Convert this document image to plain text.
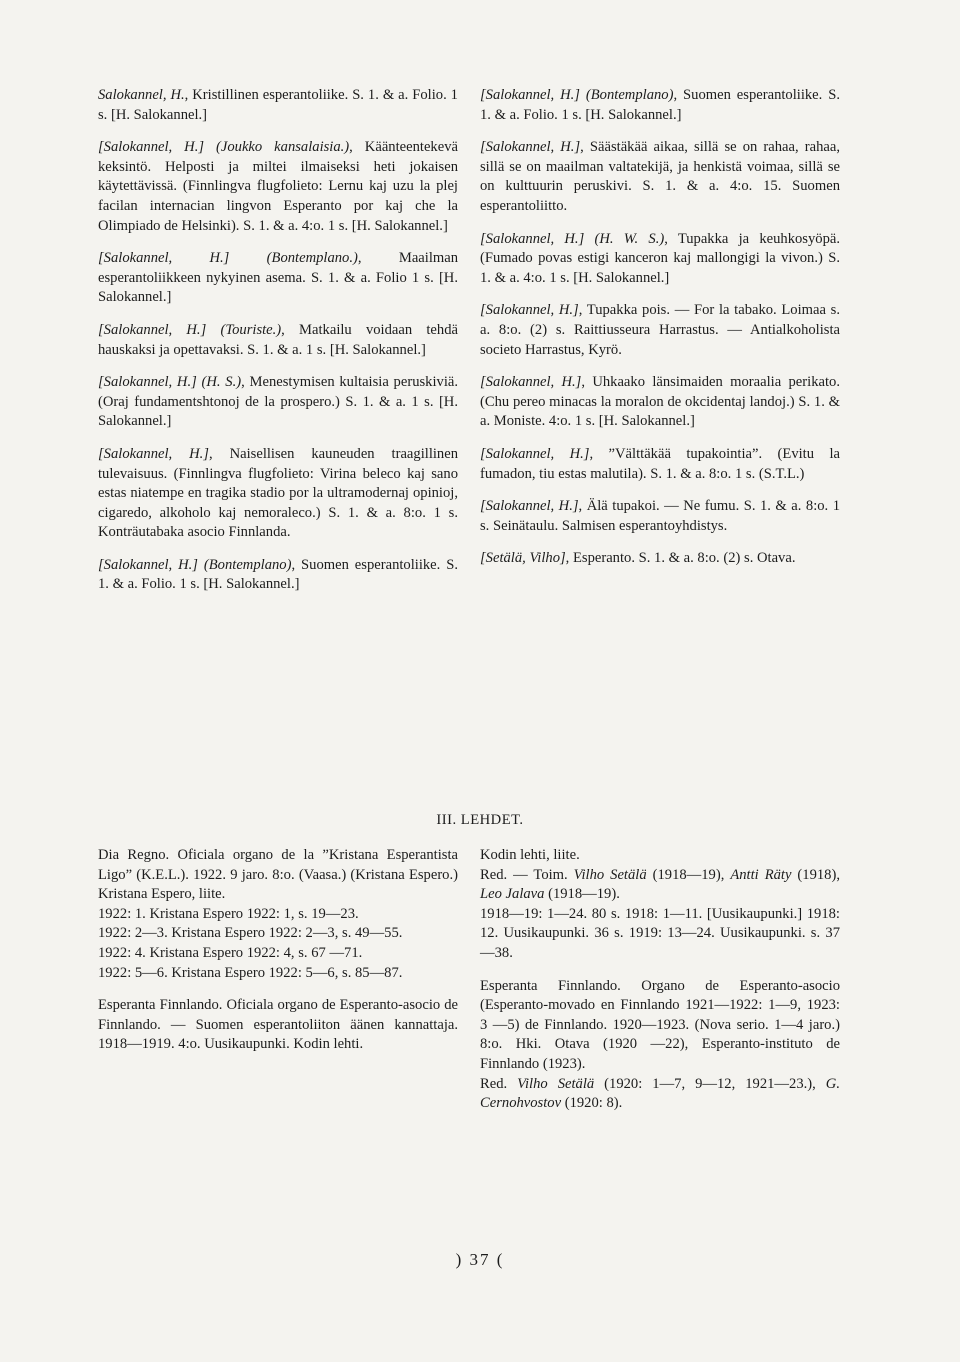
Salokannel, H., Kristillinen esperantoliike. S. 1. & a. Folio. 1 s. [H. Salokannel.]

[Salokannel, H.] (Joukko kansalaisia.), Käänteentekevä keksintö. Helposti ja miltei ilmaiseksi heti jokaisen käytettävissä. (Finnlingva flugfolieto: Lernu kaj uzu la plej facilan internacian lingvon Esperanto por kaj che la Olimpiado de Helsinki). S. 1. & a. 4:o. 1 s. [H. Salokannel.]

[Salokannel, H.] (Bontemplano.), Maailman esperantoliikkeen nykyinen asema. S. 1. & a. Folio 1 s. [H. Salokannel.]

[Salokannel, H.] (Touriste.), Matkailu voidaan tehdä hauskaksi ja opettavaksi. S. 1. & a. 1 s. [H. Salokannel.]

[Salokannel, H.] (H. S.), Menestymisen kultaisia peruskiviä. (Oraj fundamentshtonoj de la prospero.) S. 1. & a. 1 s. [H. Salokannel.]

[Salokannel, H.], Naisellisen kauneuden traagillinen tulevaisuus. (Finnlingva flugfolieto: Virina beleco kaj sano estas niatempe en tragika stadio por la ultramodernaj opinioj, cigaredo, alkoholo kaj nemoraleco.) S. 1. & a. 8:o. 1 s. Konträutabaka asocio Finnlanda.

[Salokannel, H.] (Bontemplano), Suomen esperantoliike. S. 1. & a. Folio. 1 s. [H. Salokannel.]

[Salokannel, H.] (Bontemplano), Suomen esperantoliike. S. 1. & a. Folio. 1 s. [H. Salokannel.]

[Salokannel, H.], Säästäkää aikaa, sillä se on rahaa, rahaa, sillä se on maailman valtatekijä, ja henkistä voimaa, sillä se on kulttuurin peruskivi. S. 1. & a. 4:o. 15. Suomen esperantoliitto.

[Salokannel, H.] (H. W. S.), Tupakka ja keuhkosyöpä. (Fumado povas estigi kanceron kaj mallongigi la vivon.) S. 1. & a. 4:o. 1 s. [H. Salokannel.]

[Salokannel, H.], Tupakka pois. — For la tabako. Loimaa s. a. 8:o. (2) s. Raittiusseura Harrastus. — Antialkoholista societo Harrastus, Kyrö.

[Salokannel, H.], Uhkaako länsimaiden moraalia perikato. (Chu pereo minacas la moralon de okcidentaj landoj.) S. 1. & a. Moniste. 4:o. 1 s. [H. Salokannel.]

[Salokannel, H.], ”Välttäkää tupakointia”. (Evitu la fumadon, tiu estas malutila). S. 1. & a. 8:o. 1 s. (S.T.L.)

[Salokannel, H.], Älä tupakoi. — Ne fumu. S. 1. & a. 8:o. 1 s. Seinätaulu. Salmisen esperantoyhdistys.

[Setälä, Vilho], Esperanto. S. 1. & a. 8:o. (2) s. Otava.

III. LEHDET.

Dia Regno. Oficiala organo de la ”Kristana Esperantista Ligo” (K.E.L.). 1922. 9 jaro. 8:o. (Vaasa.) (Kristana Espero.) Kristana Espero, liite.

1922: 1. Kristana Espero 1922: 1, s. 19—23.

1922: 2—3. Kristana Espero 1922: 2—3, s. 49—55.

1922: 4. Kristana Espero 1922: 4, s. 67 —71.

1922: 5—6. Kristana Espero 1922: 5—6, s. 85—87.

Esperanta Finnlando. Oficiala organo de Esperanto-asocio de Finnlando. — Suomen esperantoliiton äänen kannattaja. 1918—1919. 4:o. Uusikaupunki. Kodin lehti.

Kodin lehti, liite.

Red. — Toim. Vilho Setälä (1918—19), Antti Räty (1918), Leo Jalava (1918—19).

1918—19: 1—24. 80 s. 1918: 1—11. [Uusikaupunki.] 1918: 12. Uusikaupunki. 36 s. 1919: 13—24. Uusikaupunki. s. 37—38.

Esperanta Finnlando. Organo de Esperanto-asocio (Esperanto-movado en Finnlando 1921—1922: 1—9, 1923: 3 —5) de Finnlando. 1920—1923. (Nova serio. 1—4 jaro.) 8:o. Hki. Otava (1920 —22), Esperanto-instituto de Finnlando (1923).

Red. Vilho Setälä (1920: 1—7, 9—12, 1921—23.), G. Cernohvostov (1920: 8).

) 37 (
